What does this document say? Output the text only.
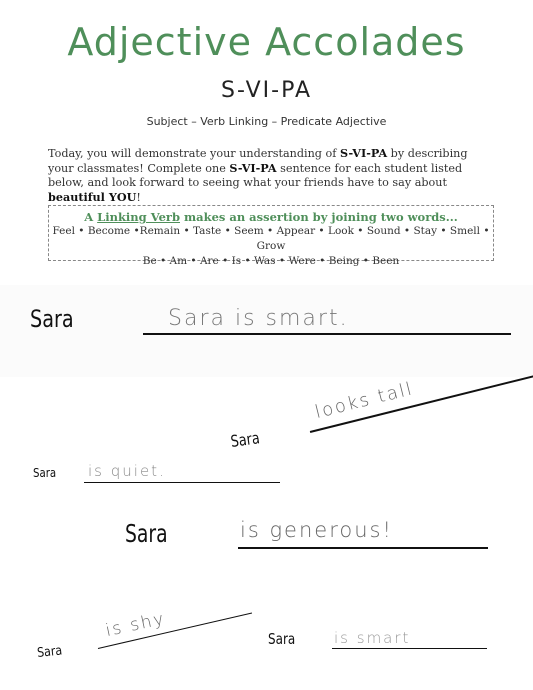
Adjective Accolades
S-VI-PA
Subject – Verb Linking – Predicate Adjective
Today, you will demonstrate your understanding of S-VI-PA by describing your classmates! Complete one S-VI-PA sentence for each student listed below, and look forward to seeing what your friends have to say about beautiful YOU!
A Linking Verb makes an assertion by joining two words...
Feel • Become •Remain • Taste • Seem • Appear • Look • Sound • Stay • Smell • Grow
Be • Am • Are • Is • Was • Were • Being • Been
Sara	Sara is smart.
Sara
looks tall
Sara is quiet.
Sara	is generous!
Sara
is shy	Sara	is smart
